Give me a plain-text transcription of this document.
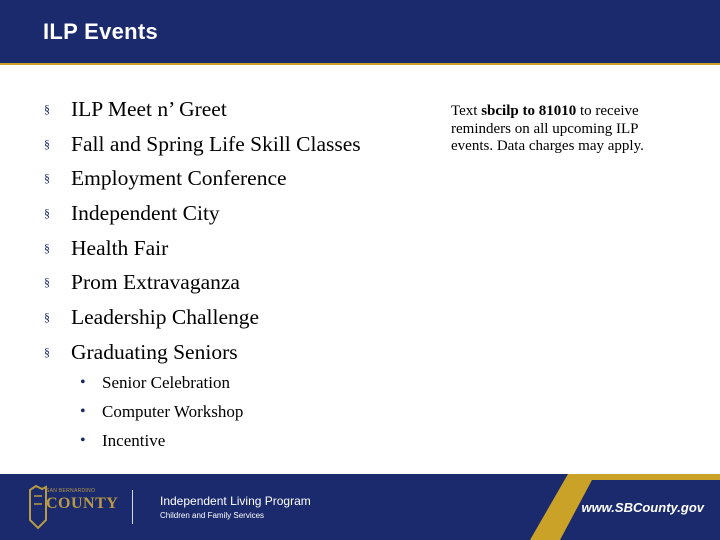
ILP Events
Page 10
§ ILP Meet n’ Greet
§ Fall and Spring Life Skill Classes
§ Employment Conference
§ Independent City
§ Health Fair
§ Prom Extravaganza
§ Leadership Challenge
§ Graduating Seniors
• Senior Celebration
• Computer Workshop
• Incentive
Text sbcilp to 81010 to receive reminders on all upcoming ILP events. Data charges may apply.
SAN BERNARDINO
COUNTY	Independent Living Program
Children and Family Services
www.SBCounty.gov
